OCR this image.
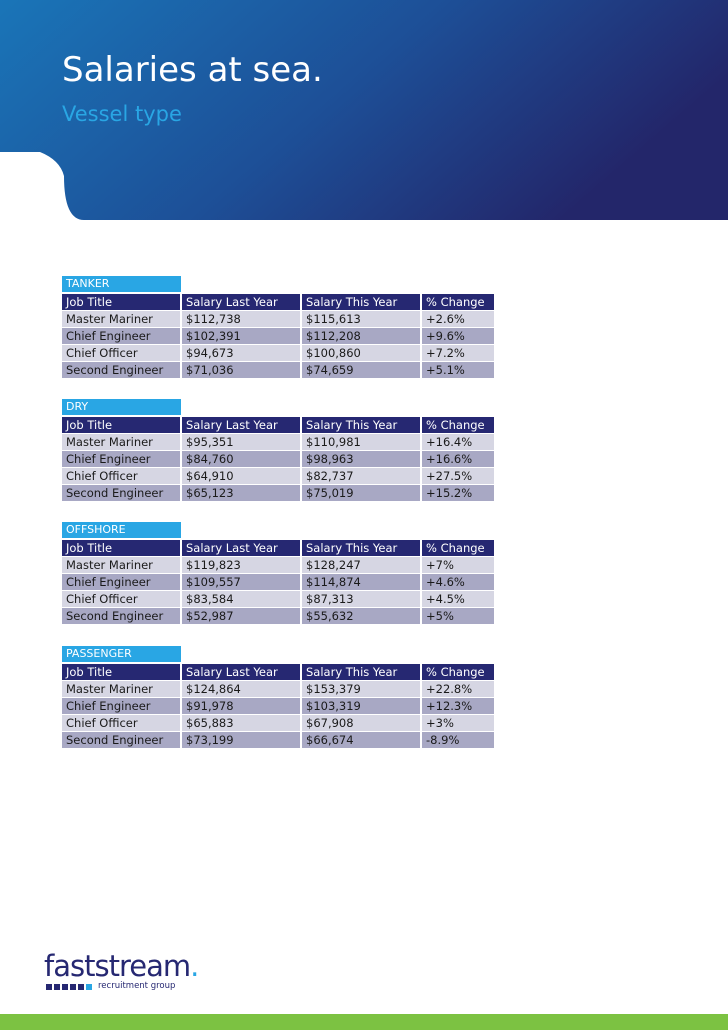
Salaries at sea.
Vessel type
TANKER
Job Title	Salary Last Year	Salary This Year	% Change
Master Mariner	$112,738	$115,613	+2.6%
Chief Engineer	$102,391	$112,208	+9.6%
Chief Officer	$94,673	$100,860	+7.2%
Second Engineer	$71,036	$74,659	+5.1%
DRY
Job Title	Salary Last Year	Salary This Year	% Change
Master Mariner	$95,351	$110,981	+16.4%
Chief Engineer	$84,760	$98,963	+16.6%
Chief Officer	$64,910	$82,737	+27.5%
Second Engineer	$65,123	$75,019	+15.2%
OFFSHORE
Job Title	Salary Last Year	Salary This Year	% Change
Master Mariner	$119,823	$128,247	+7%
Chief Engineer	$109,557	$114,874	+4.6%
Chief Officer	$83,584	$87,313	+4.5%
Second Engineer	$52,987	$55,632	+5%
PASSENGER
Job Title	Salary Last Year	Salary This Year	% Change
Master Mariner	$124,864	$153,379	+22.8%
Chief Engineer	$91,978	$103,319	+12.3%
Chief Officer	$65,883	$67,908	+3%
Second Engineer	$73,199	$66,674	-8.9%

faststream.

recruitment group
